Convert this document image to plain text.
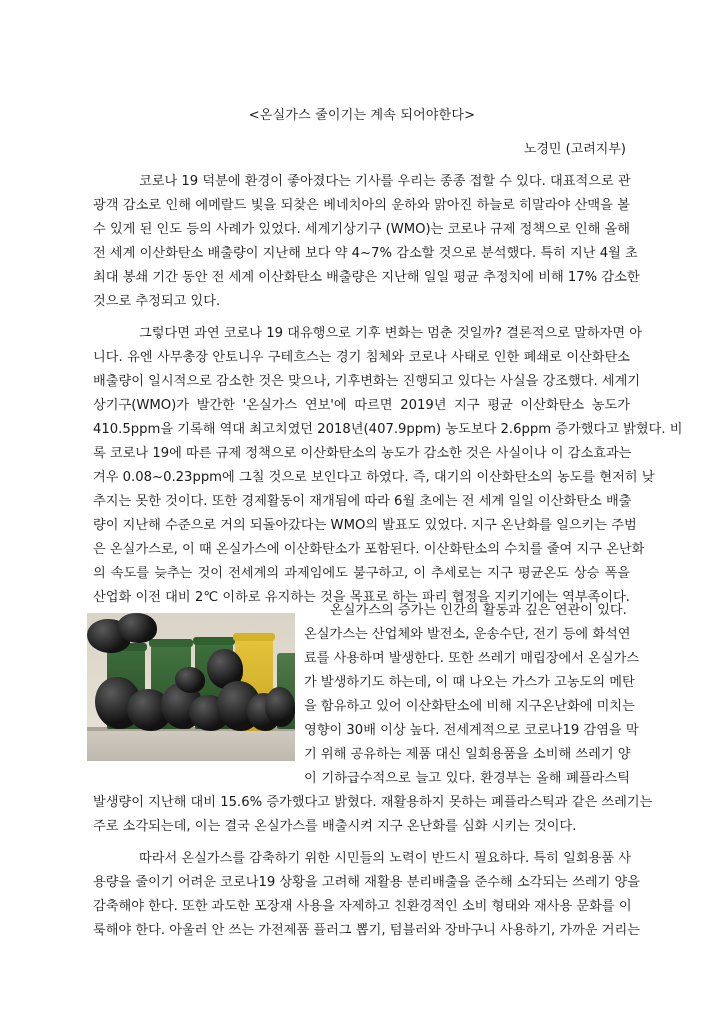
<온실가스 줄이기는 계속 되어야한다>
노경민 (고려지부)
코로나 19 덕분에 환경이 좋아졌다는 기사를 우리는 종종 접할 수 있다. 대표적으로 관
광객 감소로 인해 에메랄드 빛을 되찾은 베네치아의 운하와 맑아진 하늘로 히말라야 산맥을 볼
수 있게 된 인도 등의 사례가 있었다. 세계기상기구 (WMO)는 코로나 규제 정책으로 인해 올해
전 세계 이산화탄소 배출량이 지난해 보다 약 4~7% 감소할 것으로 분석했다. 특히 지난 4월 초
최대 봉쇄 기간 동안 전 세계 이산화탄소 배출량은 지난해 일일 평균 추정치에 비해 17% 감소한
것으로 추정되고 있다.
그렇다면 과연 코로나 19 대유행으로 기후 변화는 멈춘 것일까? 결론적으로 말하자면 아
니다. 유엔 사무총장 안토니우 구테흐스는 경기 침체와 코로나 사태로 인한 폐쇄로 이산화탄소
배출량이 일시적으로 감소한 것은 맞으나, 기후변화는 진행되고 있다는 사실을 강조했다. 세계기
상기구(WMO)가 발간한 '온실가스 연보'에 따르면 2019년 지구 평균 이산화탄소 농도가
410.5ppm을 기록해 역대 최고치였던 2018년(407.9ppm) 농도보다 2.6ppm 증가했다고 밝혔다. 비
록 코로나 19에 따른 규제 정책으로 이산화탄소의 농도가 감소한 것은 사실이나 이 감소효과는
겨우 0.08~0.23ppm에 그칠 것으로 보인다고 하였다. 즉, 대기의 이산화탄소의 농도를 현저히 낮
추지는 못한 것이다. 또한 경제활동이 재개됨에 따라 6월 초에는 전 세계 일일 이산화탄소 배출
량이 지난해 수준으로 거의 되돌아갔다는 WMO의 발표도 있었다. 지구 온난화를 일으키는 주범
은 온실가스로, 이 때 온실가스에 이산화탄소가 포함된다. 이산화탄소의 수치를 줄여 지구 온난화
의 속도를 늦추는 것이 전세계의 과제임에도 불구하고, 이 추세로는 지구 평균온도 상승 폭을
산업화 이전 대비 2℃ 이하로 유지하는 것을 목표로 하는 파리 협정을 지키기에는 역부족이다.
온실가스의 증가는 인간의 활동과 깊은 연관이 있다.
온실가스는 산업체와 발전소, 운송수단, 전기 등에 화석연
료를 사용하며 발생한다. 또한 쓰레기 매립장에서 온실가스
가 발생하기도 하는데, 이 때 나오는 가스가 고농도의 메탄
을 함유하고 있어 이산화탄소에 비해 지구온난화에 미치는
영향이 30배 이상 높다. 전세계적으로 코로나19 감염을 막
기 위해 공유하는 제품 대신 일회용품을 소비해 쓰레기 양
이 기하급수적으로 늘고 있다. 환경부는 올해 폐플라스틱
발생량이 지난해 대비 15.6% 증가했다고 밝혔다. 재활용하지 못하는 폐플라스틱과 같은 쓰레기는
주로 소각되는데, 이는 결국 온실가스를 배출시켜 지구 온난화를 심화 시키는 것이다.
따라서 온실가스를 감축하기 위한 시민들의 노력이 반드시 필요하다. 특히 일회용품 사
용량을 줄이기 어려운 코로나19 상황을 고려해 재활용 분리배출을 준수해 소각되는 쓰레기 양을
감축해야 한다. 또한 과도한 포장재 사용을 자제하고 친환경적인 소비 형태와 재사용 문화를 이
룩해야 한다. 아울러 안 쓰는 가전제품 플러그 뽑기, 텀블러와 장바구니 사용하기, 가까운 거리는
